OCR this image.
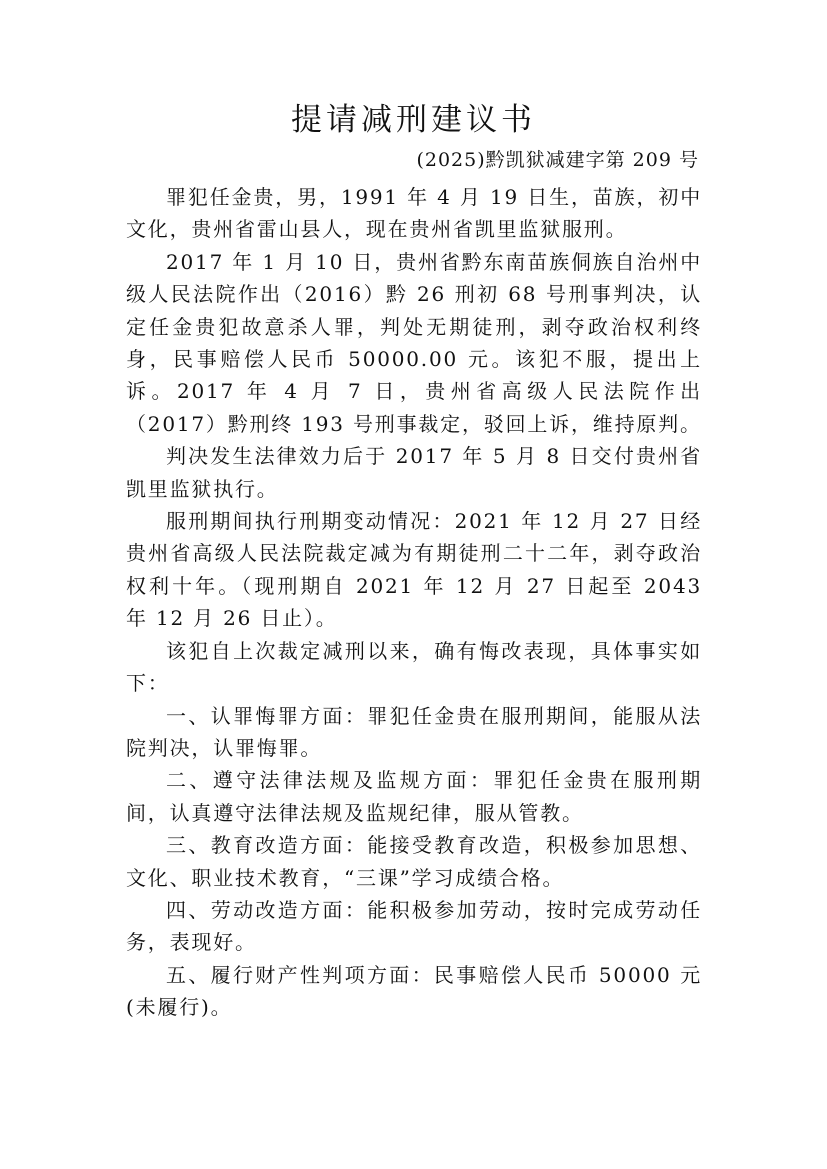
提请减刑建议书
(2025)黔凯狱减建字第 209 号

罪犯任金贵，男，1991 年 4 月 19 日生，苗族，初中文化，贵州省雷山县人，现在贵州省凯里监狱服刑。

2017 年 1 月 10 日，贵州省黔东南苗族侗族自治州中级人民法院作出（2016）黔 26 刑初 68 号刑事判决，认定任金贵犯故意杀人罪，判处无期徒刑，剥夺政治权利终身，民事赔偿人民币 50000.00 元。该犯不服，提出上诉。2017 年 4 月 7 日，贵州省高级人民法院作出（2017）黔刑终 193 号刑事裁定，驳回上诉，维持原判。

判决发生法律效力后于 2017 年 5 月 8 日交付贵州省凯里监狱执行。

服刑期间执行刑期变动情况：2021 年 12 月 27 日经贵州省高级人民法院裁定减为有期徒刑二十二年，剥夺政治权利十年。（现刑期自 2021 年 12 月 27 日起至 2043 年 12 月 26 日止）。

该犯自上次裁定减刑以来，确有悔改表现，具体事实如下：

一、认罪悔罪方面：罪犯任金贵在服刑期间，能服从法院判决，认罪悔罪。

二、遵守法律法规及监规方面：罪犯任金贵在服刑期间，认真遵守法律法规及监规纪律，服从管教。

三、教育改造方面：能接受教育改造，积极参加思想、文化、职业技术教育，“三课”学习成绩合格。

四、劳动改造方面：能积极参加劳动，按时完成劳动任务，表现好。

五、履行财产性判项方面：民事赔偿人民币 50000 元(未履行)。
